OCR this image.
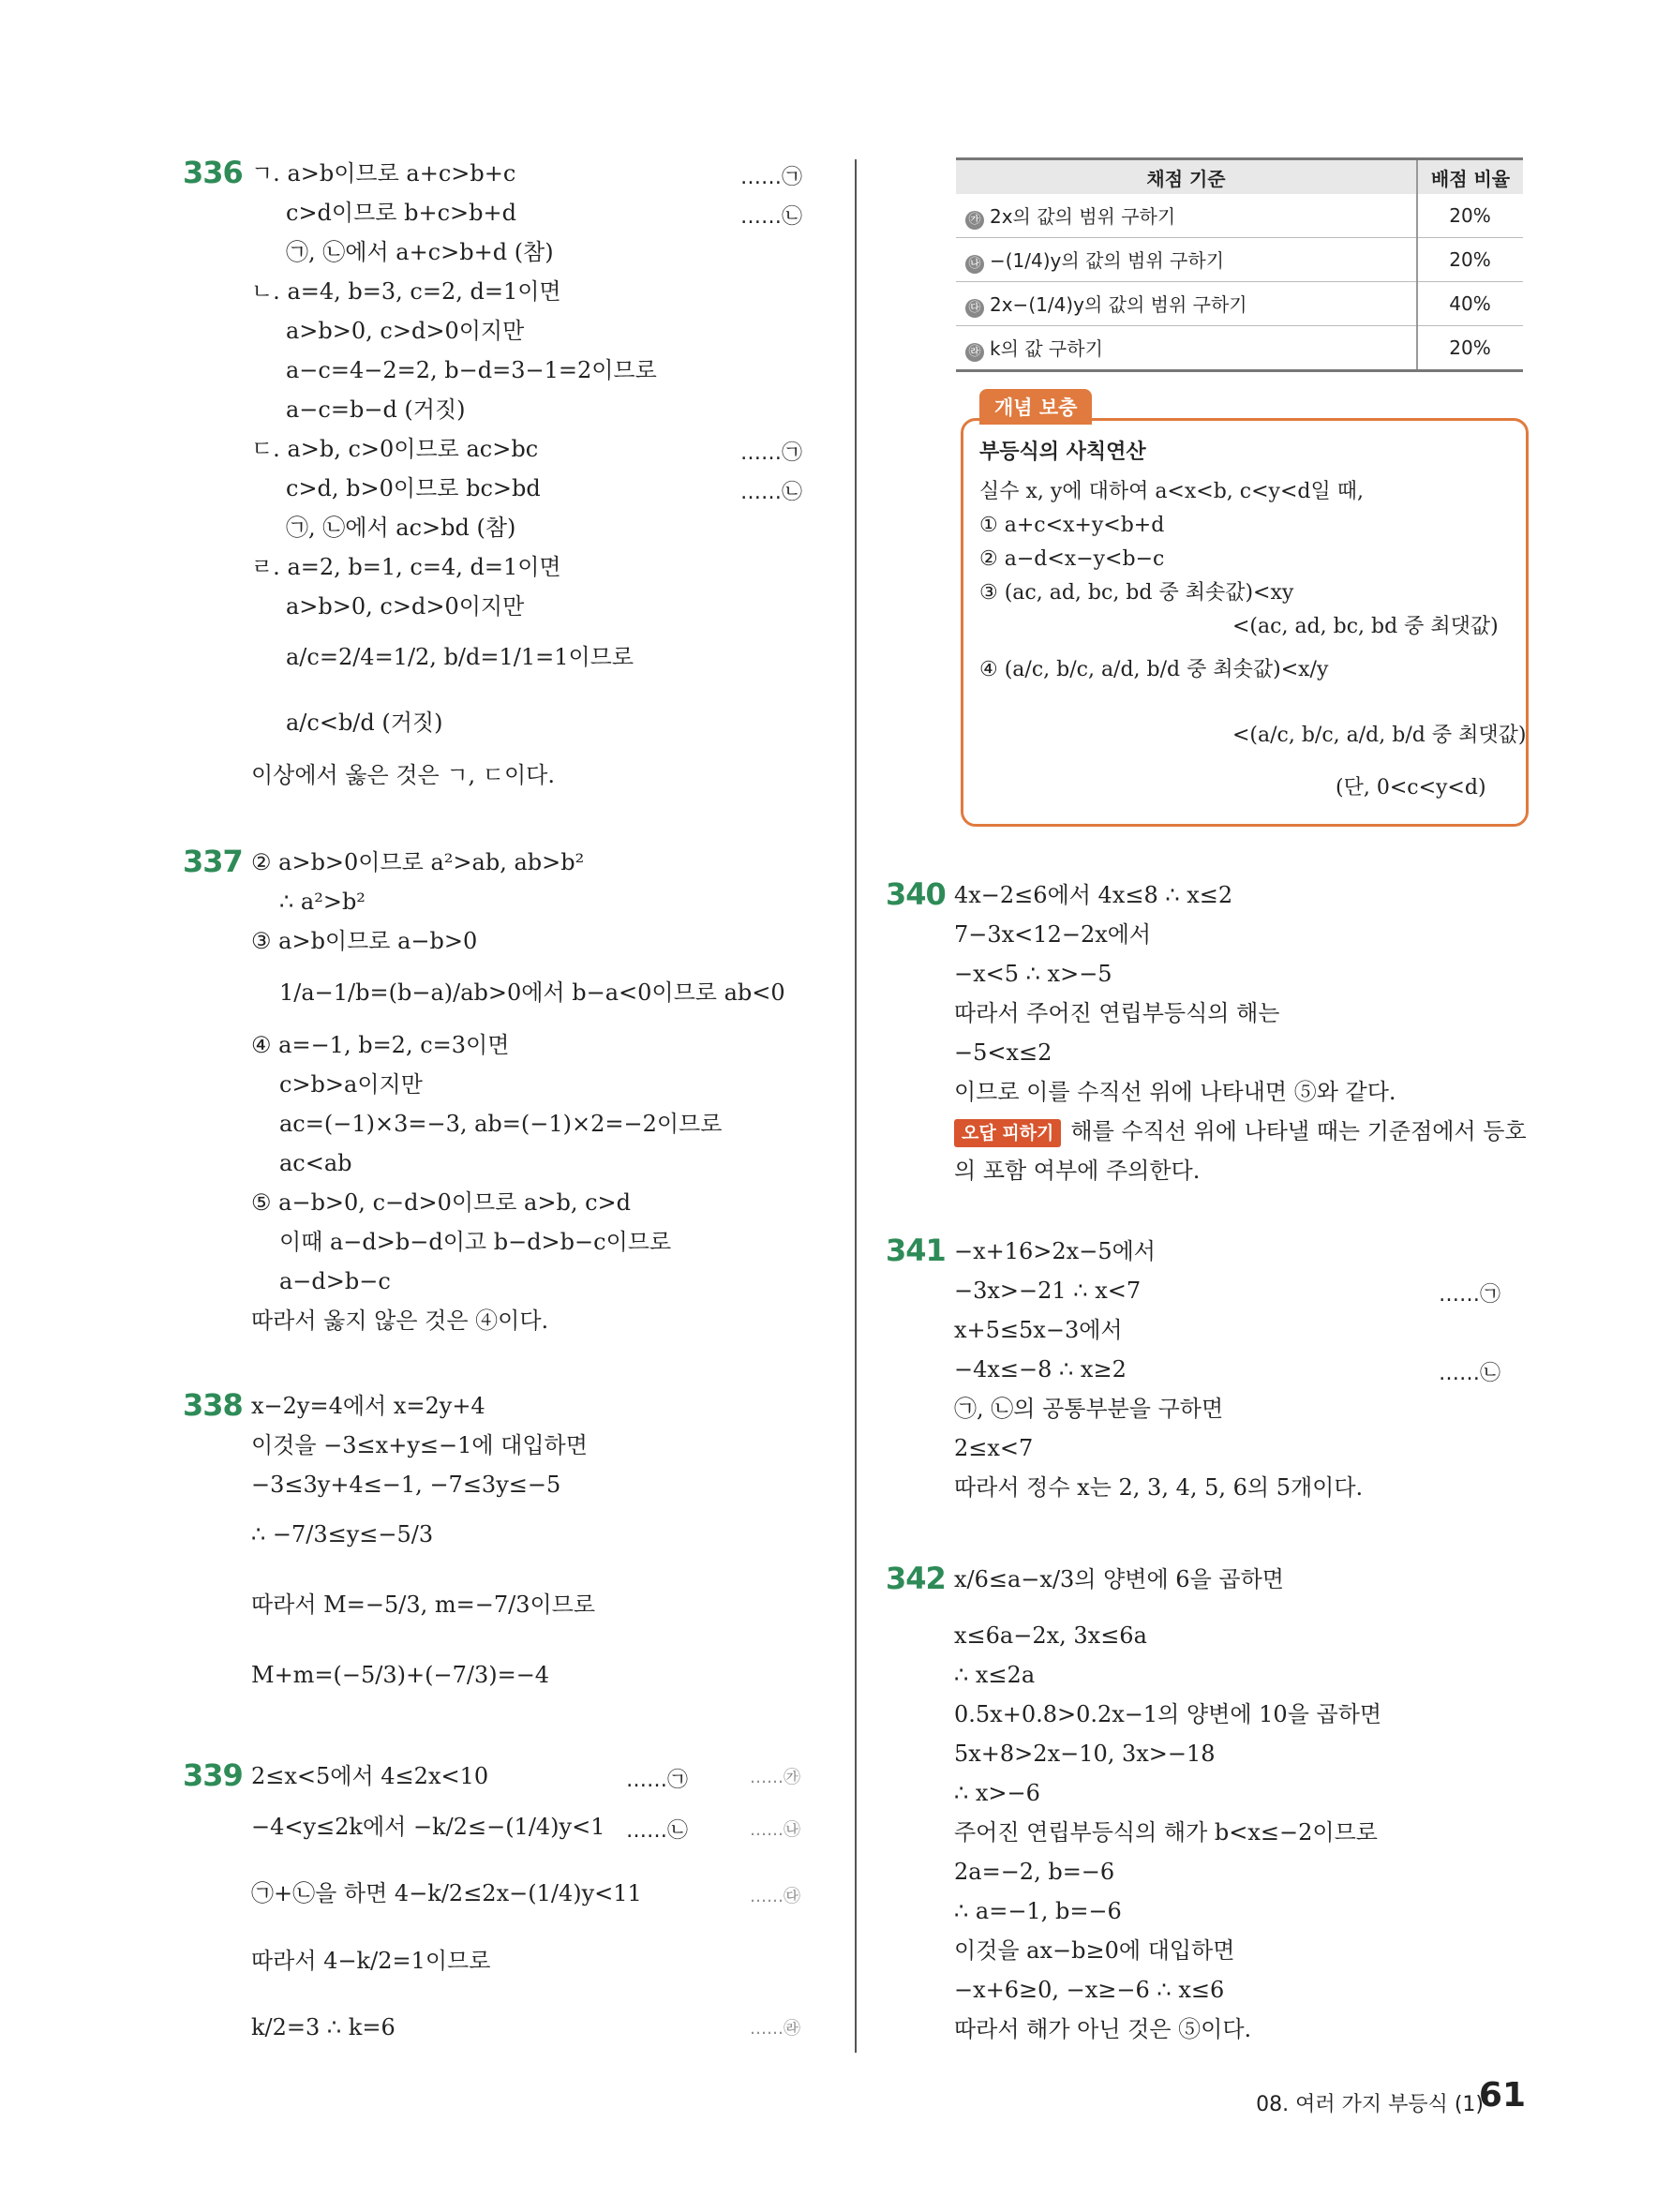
336 ㄱ. a>b이므로 a+c>b+c
c>d이므로 b+c>b+d
㉠, ㉡에서 a+c>b+d (참)
ㄴ. a=4, b=3, c=2, d=1이면
a>b>0, c>d>0이지만
a−c=4−2=2, b−d=3−1=2이므로
a−c=b−d (거짓)
ㄷ. a>b, c>0이므로 ac>bc
c>d, b>0이므로 bc>bd
㉠, ㉡에서 ac>bd (참)
ㄹ. a=2, b=1, c=4, d=1이면
a>b>0, c>d>0이지만
a/c=2/4=1/2, b/d=1/1=1이므로
a/c<b/d (거짓)
이상에서 옳은 것은 ㄱ, ㄷ이다.
……㉠
……㉡
……㉠
……㉡
337 ② a>b>0이므로 a²>ab, ab>b²
∴ a²>b²
③ a>b이므로 a−b>0
1/a−1/b=(b−a)/ab>0에서 b−a<0이므로 ab<0
④ a=−1, b=2, c=3이면
c>b>a이지만
ac=(−1)×3=−3, ab=(−1)×2=−2이므로
ac<ab
⑤ a−b>0, c−d>0이므로 a>b, c>d
이때 a−d>b−d이고 b−d>b−c이므로
a−d>b−c
따라서 옳지 않은 것은 ④이다.
338 x−2y=4에서 x=2y+4
이것을 −3≤x+y≤−1에 대입하면
−3≤3y+4≤−1, −7≤3y≤−5
∴ −7/3≤y≤−5/3
따라서 M=−5/3, m=−7/3이므로
M+m=(−5/3)+(−7/3)=−4
339 2≤x<5에서 4≤2x<10
−4<y≤2k에서 −k/2≤−(1/4)y<1
㉠+㉡을 하면 4−k/2≤2x−(1/4)y<11
따라서 4−k/2=1이므로
k/2=3 ∴ k=6
……㉠
……㉡
……㉮
……㉯
……㉰
……㉱
채점 기준	배점 비율
㉮ 2x의 값의 범위 구하기	20%
㉯ −(1/4)y의 값의 범위 구하기	20%
㉰ 2x−(1/4)y의 값의 범위 구하기	40%
㉱ k의 값 구하기	20%
개념 보충
부등식의 사칙연산
실수 x, y에 대하여 a<x<b, c<y<d일 때,
① a+c<x+y<b+d
② a−d<x−y<b−c
③ (ac, ad, bc, bd 중 최솟값)<xy
<(ac, ad, bc, bd 중 최댓값)
④ (a/c, b/c, a/d, b/d 중 최솟값)<x/y
<(a/c, b/c, a/d, b/d 중 최댓값)
(단, 0<c<y<d)
340 4x−2≤6에서 4x≤8 ∴ x≤2
7−3x<12−2x에서
−x<5 ∴ x>−5
따라서 주어진 연립부등식의 해는
−5<x≤2
이므로 이를 수직선 위에 나타내면 ⑤와 같다.
오답 피하기 해를 수직선 위에 나타낼 때는 기준점에서 등호
의 포함 여부에 주의한다.
341 −x+16>2x−5에서
−3x>−21 ∴ x<7
x+5≤5x−3에서
−4x≤−8 ∴ x≥2
㉠, ㉡의 공통부분을 구하면
2≤x<7
따라서 정수 x는 2, 3, 4, 5, 6의 5개이다.
……㉠
……㉡
342 x/6≤a−x/3의 양변에 6을 곱하면
x≤6a−2x, 3x≤6a
∴ x≤2a
0.5x+0.8>0.2x−1의 양변에 10을 곱하면
5x+8>2x−10, 3x>−18
∴ x>−6
주어진 연립부등식의 해가 b<x≤−2이므로
2a=−2, b=−6
∴ a=−1, b=−6
이것을 ax−b≥0에 대입하면
−x+6≥0, −x≥−6 ∴ x≤6
따라서 해가 아닌 것은 ⑤이다.
08. 여러 가지 부등식 (1)
61
